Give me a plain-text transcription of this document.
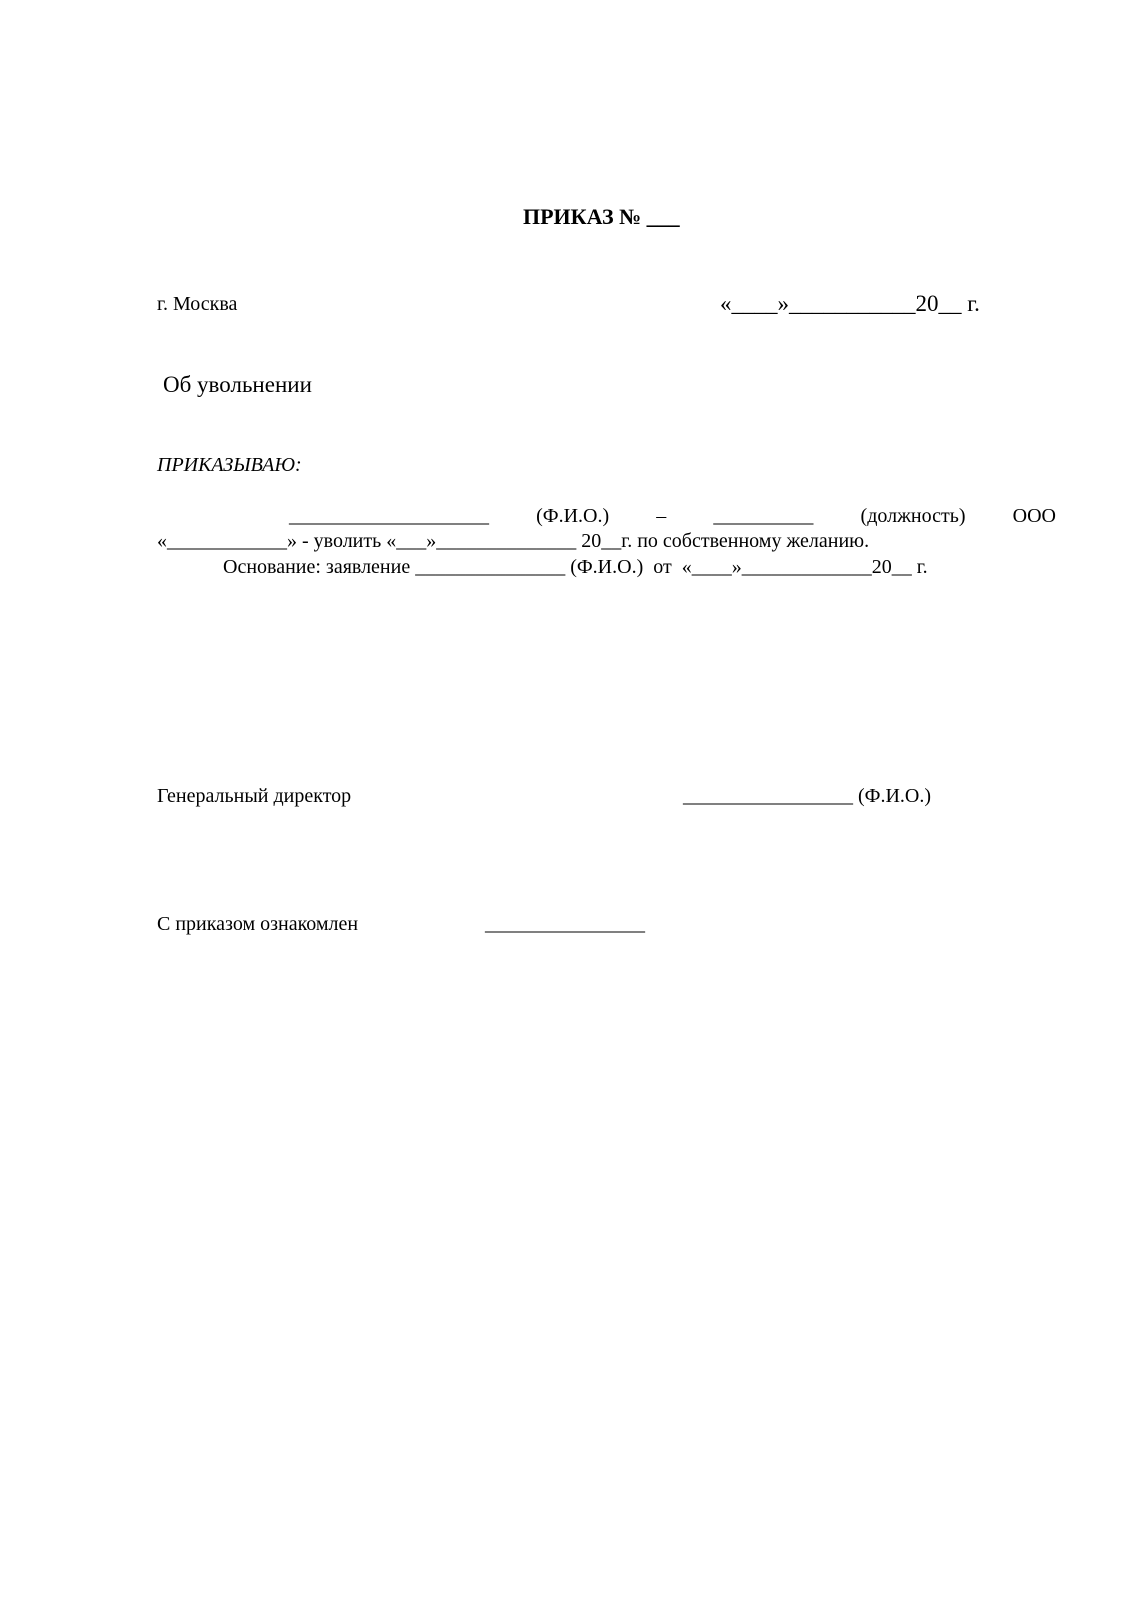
ПРИКАЗ № ___
г. Москва	«____»___________20__ г.
Об увольнении
ПРИКАЗЫВАЮ:
____________________ (Ф.И.О.) – __________ (должность) ООО
«____________» - уволить «___»______________ 20__г. по собственному желанию.
Основание: заявление _______________ (Ф.И.О.)  от  «____»_____________20__ г.
Генеральный директор	_________________ (Ф.И.О.)
С приказом ознакомлен	________________
